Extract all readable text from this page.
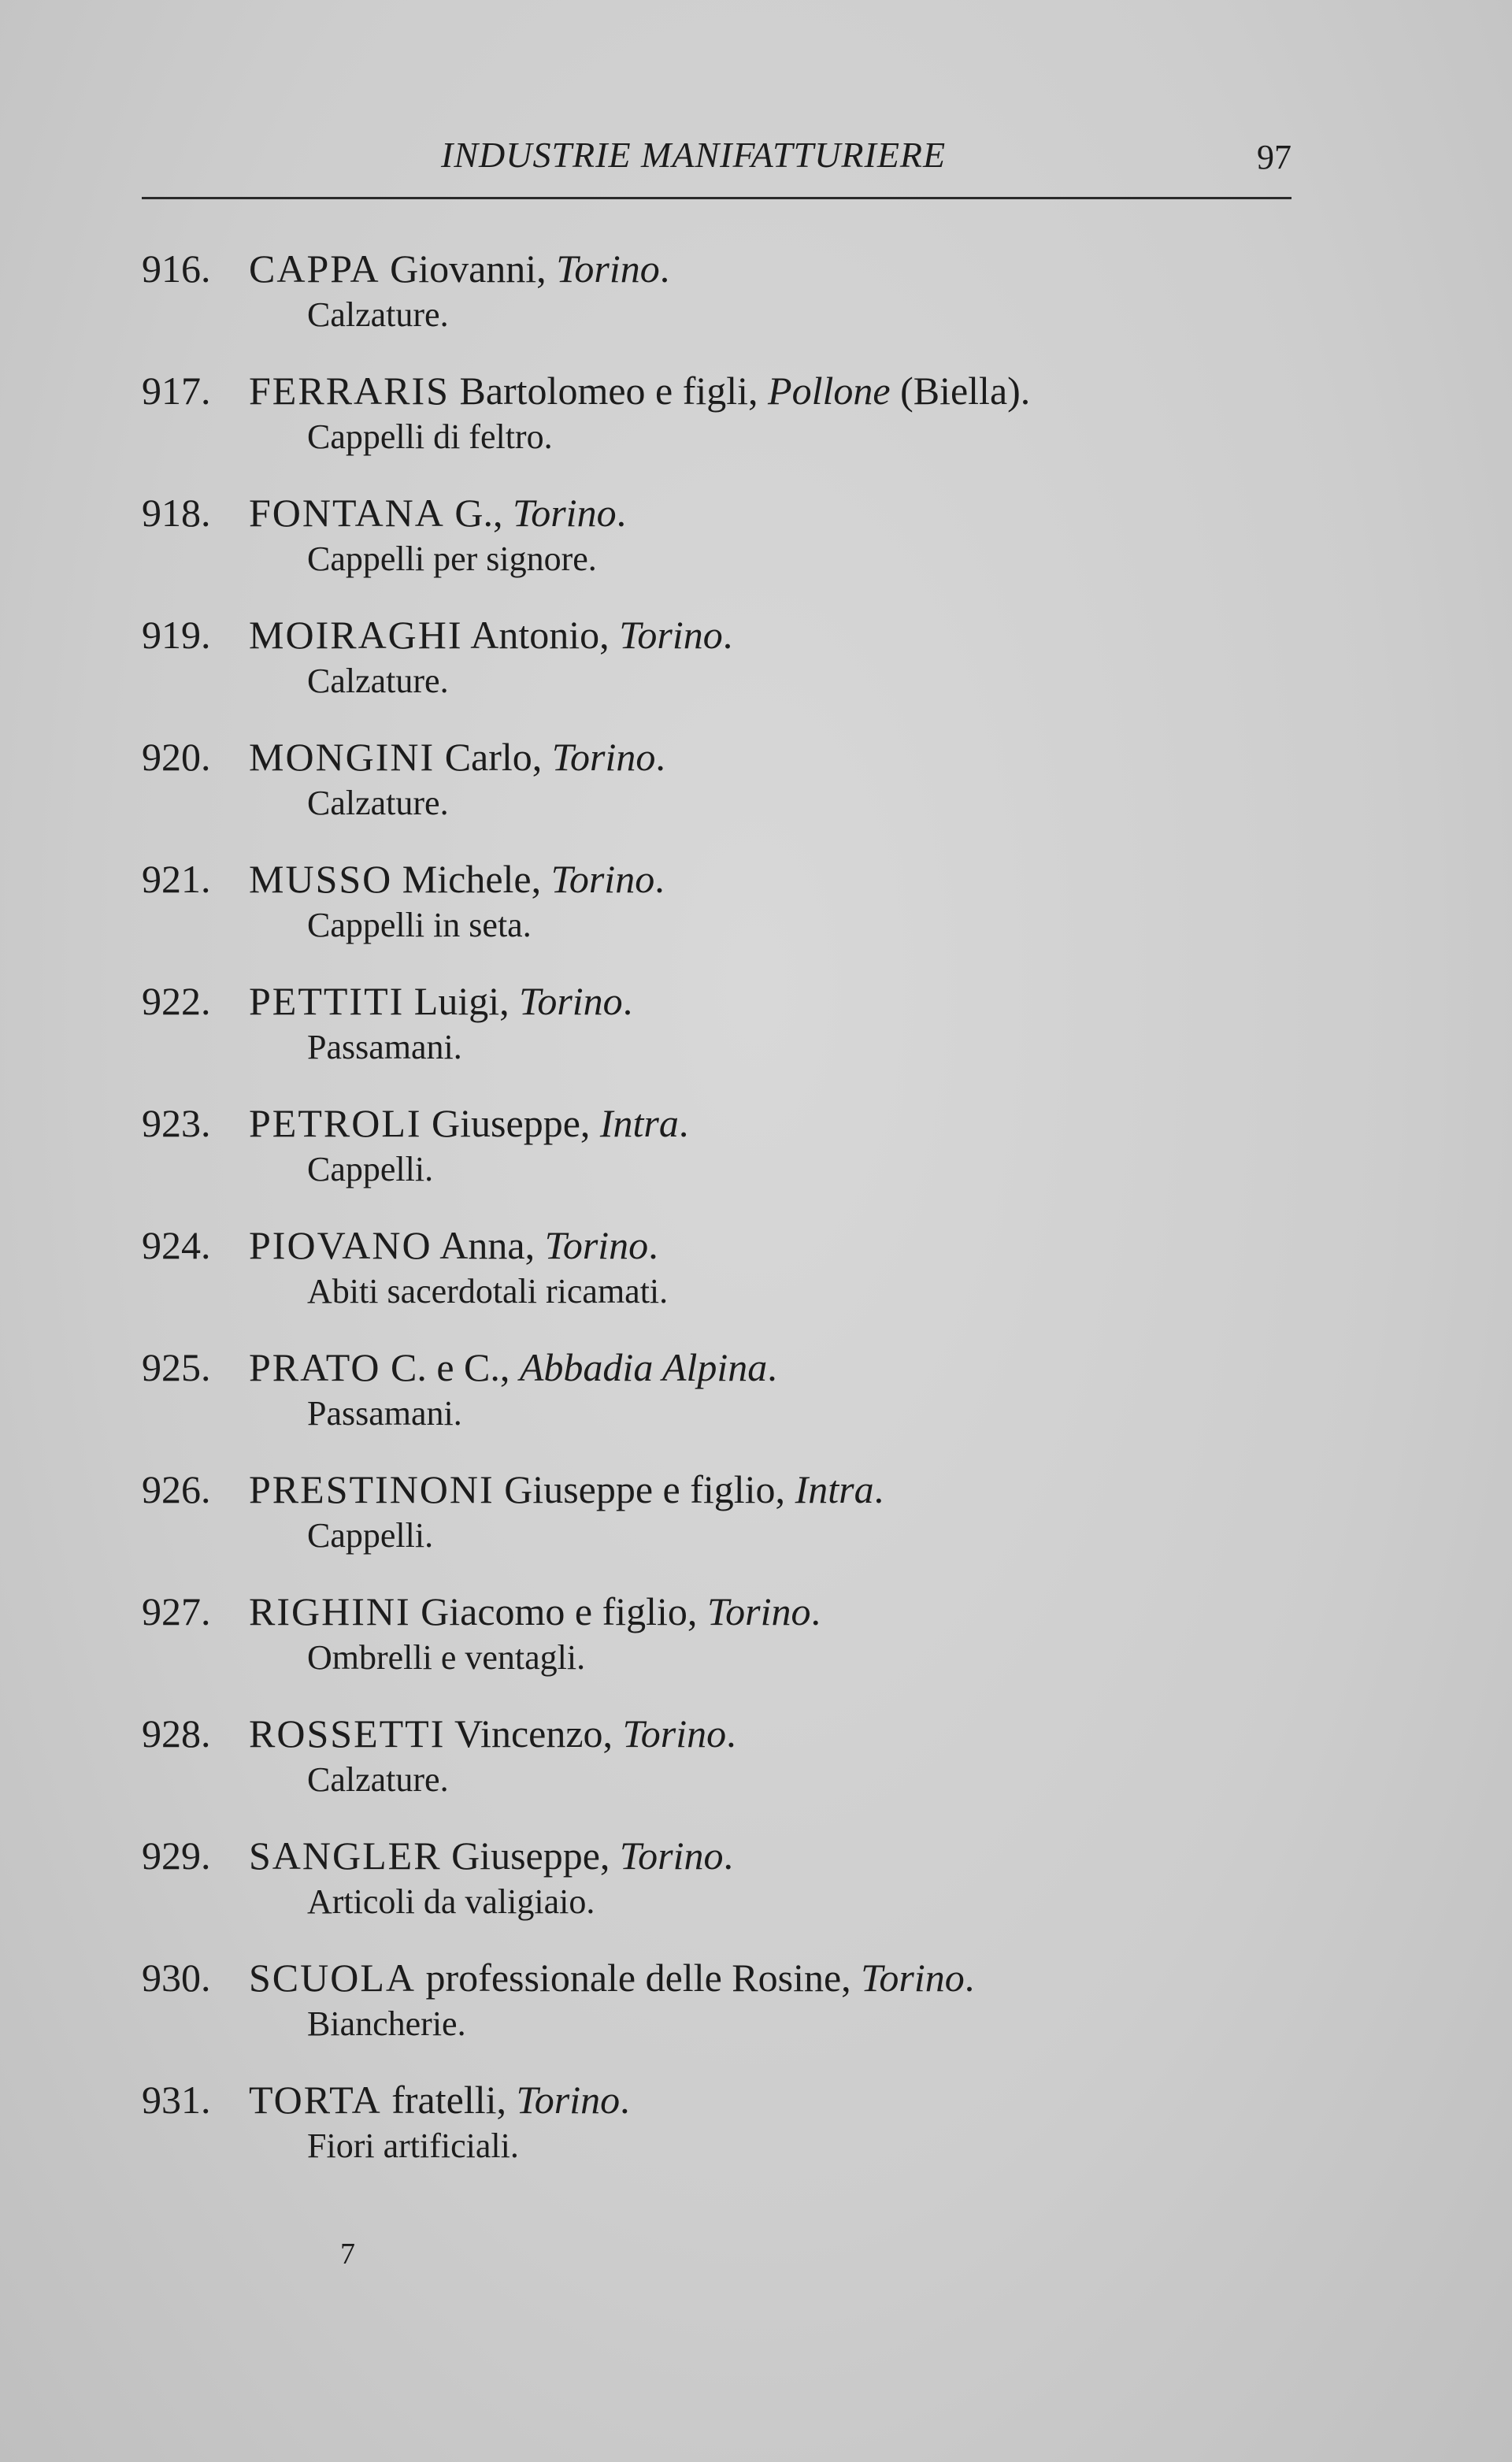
INDUSTRIE MANIFATTURIERE	97
916. CAPPA Giovanni, Torino.
Calzature.
917. FERRARIS Bartolomeo e figli, Pollone (Biella).
Cappelli di feltro.
918. FONTANA G., Torino.
Cappelli per signore.
919. MOIRAGHI Antonio, Torino.
Calzature.
920. MONGINI Carlo, Torino.
Calzature.
921. MUSSO Michele, Torino.
Cappelli in seta.
922. PETTITI Luigi, Torino.
Passamani.
923. PETROLI Giuseppe, Intra.
Cappelli.
924. PIOVANO Anna, Torino.
Abiti sacerdotali ricamati.
925. PRATO C. e C., Abbadia Alpina.
Passamani.
926. PRESTINONI Giuseppe e figlio, Intra.
Cappelli.
927. RIGHINI Giacomo e figlio, Torino.
Ombrelli e ventagli.
928. ROSSETTI Vincenzo, Torino.
Calzature.
929. SANGLER Giuseppe, Torino.
Articoli da valigiaio.
930. SCUOLA professionale delle Rosine, Torino.
Biancherie.
931. TORTA fratelli, Torino.
Fiori artificiali.
7
